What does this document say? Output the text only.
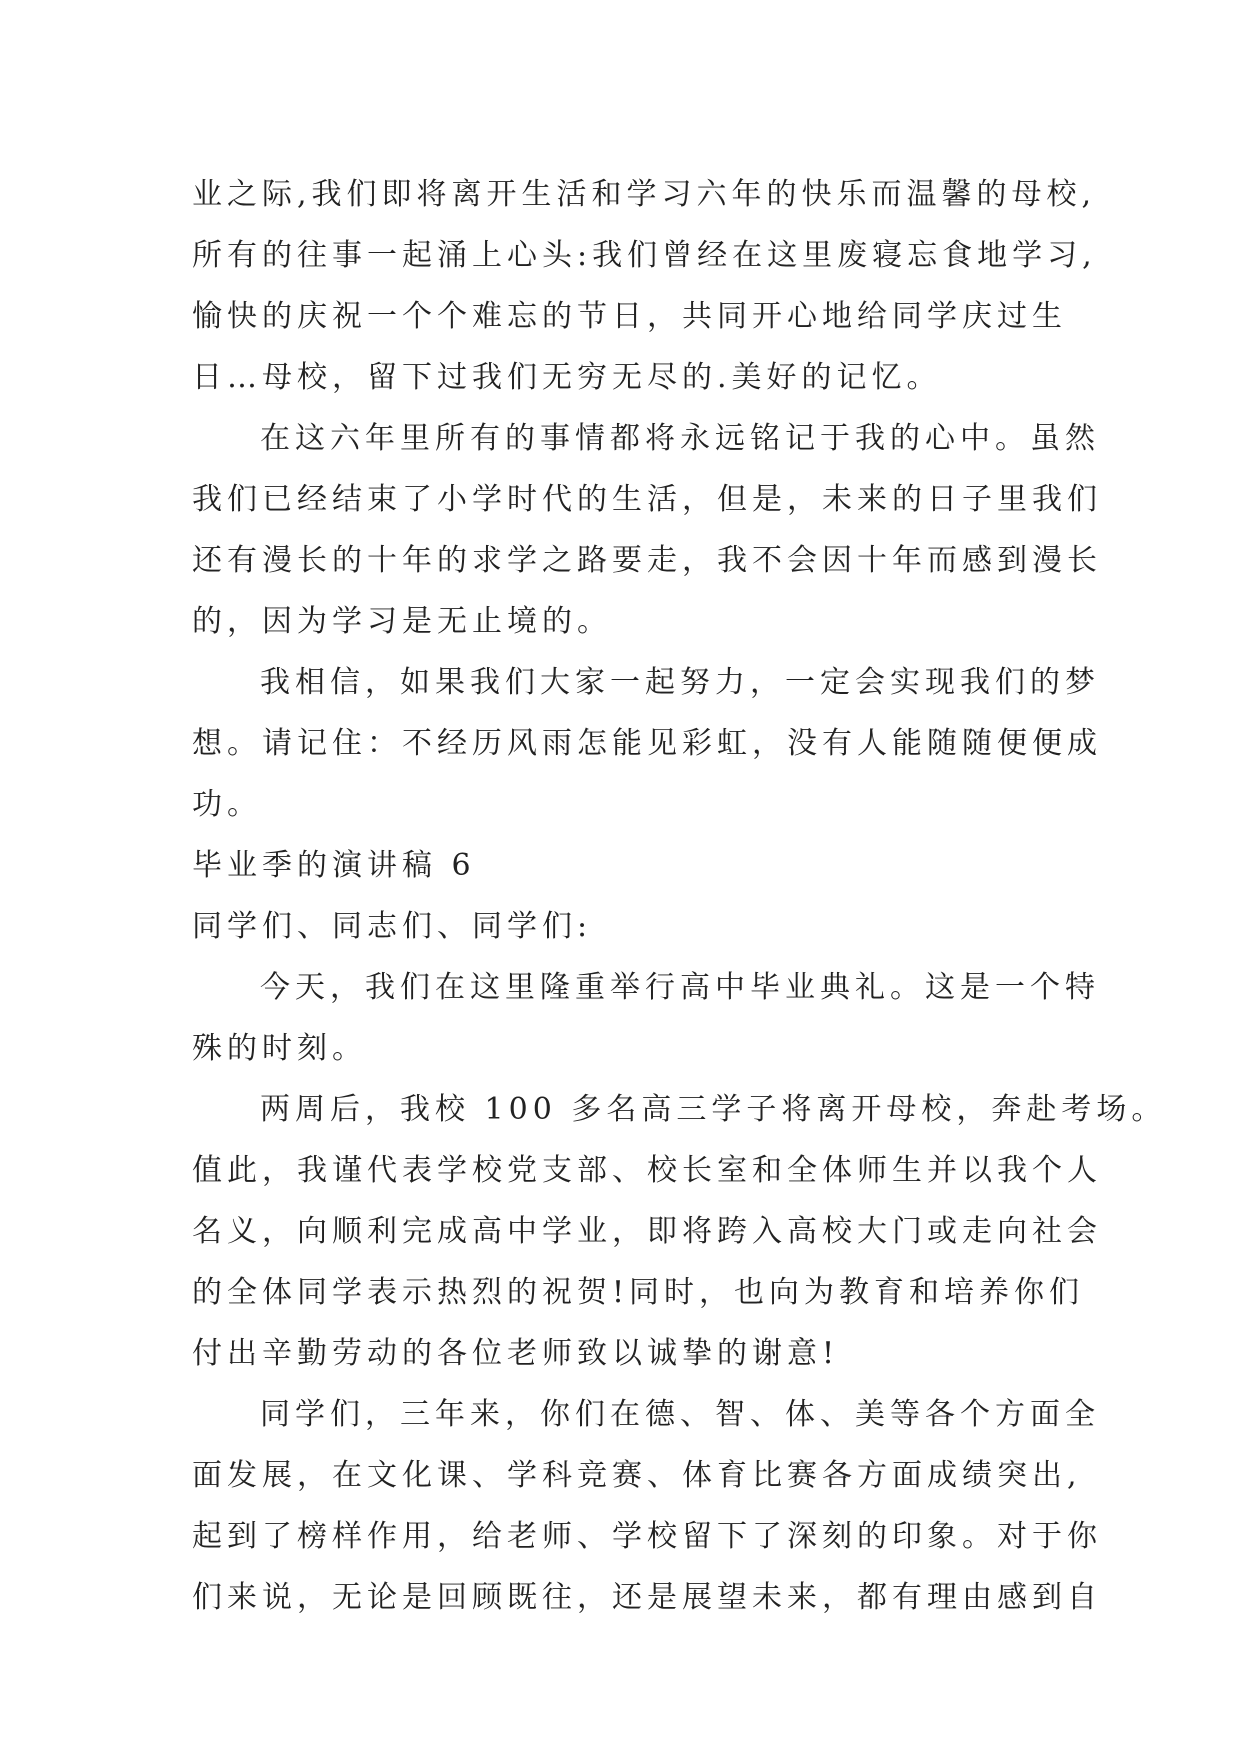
业之际,我们即将离开生活和学习六年的快乐而温馨的母校,
所有的往事一起涌上心头:我们曾经在这里废寝忘食地学习,
愉快的庆祝一个个难忘的节日，共同开心地给同学庆过生
日…母校，留下过我们无穷无尽的.美好的记忆。
在这六年里所有的事情都将永远铭记于我的心中。虽然
我们已经结束了小学时代的生活，但是，未来的日子里我们
还有漫长的十年的求学之路要走，我不会因十年而感到漫长
的，因为学习是无止境的。
我相信，如果我们大家一起努力，一定会实现我们的梦
想。请记住：不经历风雨怎能见彩虹，没有人能随随便便成
功。
毕业季的演讲稿 6
同学们、同志们、同学们:
今天，我们在这里隆重举行高中毕业典礼。这是一个特
殊的时刻。
两周后，我校 100 多名高三学子将离开母校，奔赴考场。
值此，我谨代表学校党支部、校长室和全体师生并以我个人
名义，向顺利完成高中学业，即将跨入高校大门或走向社会
的全体同学表示热烈的祝贺!同时，也向为教育和培养你们
付出辛勤劳动的各位老师致以诚挚的谢意!
同学们，三年来，你们在德、智、体、美等各个方面全
面发展，在文化课、学科竞赛、体育比赛各方面成绩突出,
起到了榜样作用，给老师、学校留下了深刻的印象。对于你
们来说，无论是回顾既往，还是展望未来，都有理由感到自
